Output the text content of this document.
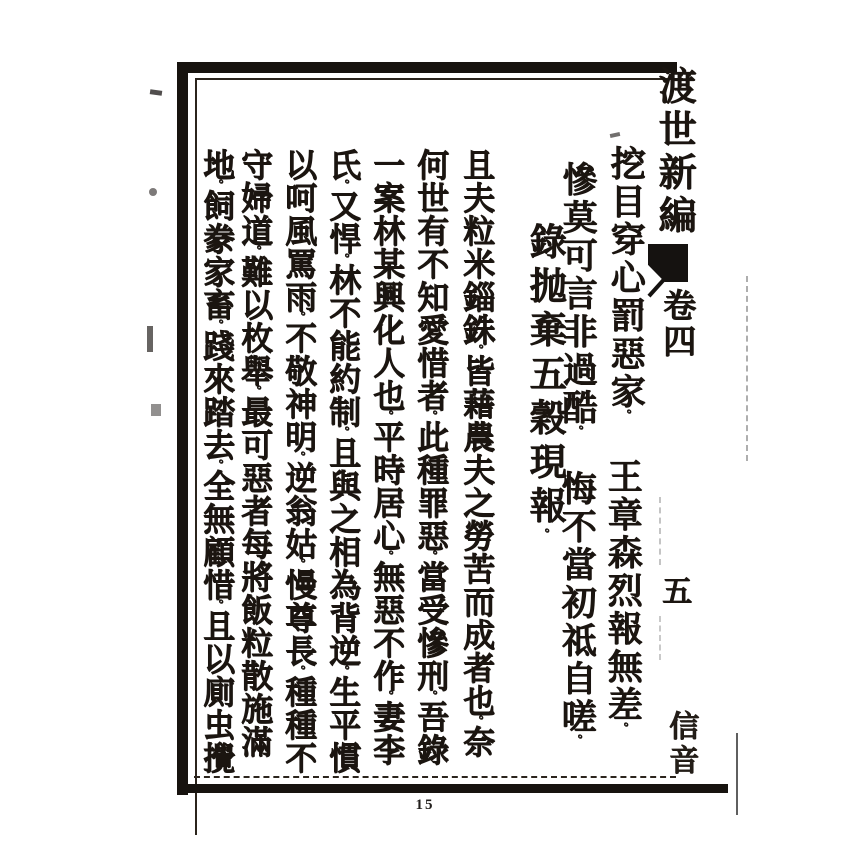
渡世新編
卷四
五
信音
挖目穿心罰惡家。
慘莫可言非過酷。
王章森烈報無差。
悔不當初祗自嗟。
錄抛棄五穀現報。
且夫粒米錙銖。皆藉農夫之勞苦而成者也。奈
何世有不知愛惜者。此種罪惡。當受慘刑。吾錄
一案林某興化人也。平時居心。無惡不作。妻李
氏。又悍。林不能約制。且與之相為背逆。生平慣
以呵風罵雨。不敬神明。逆翁姑。慢尊長。種種不
守婦道。難以枚舉。最可惡者每將飯粒散施滿
地。飼豢家畜。踐來踏去。全無顧惜。且以廁虫攪
15
